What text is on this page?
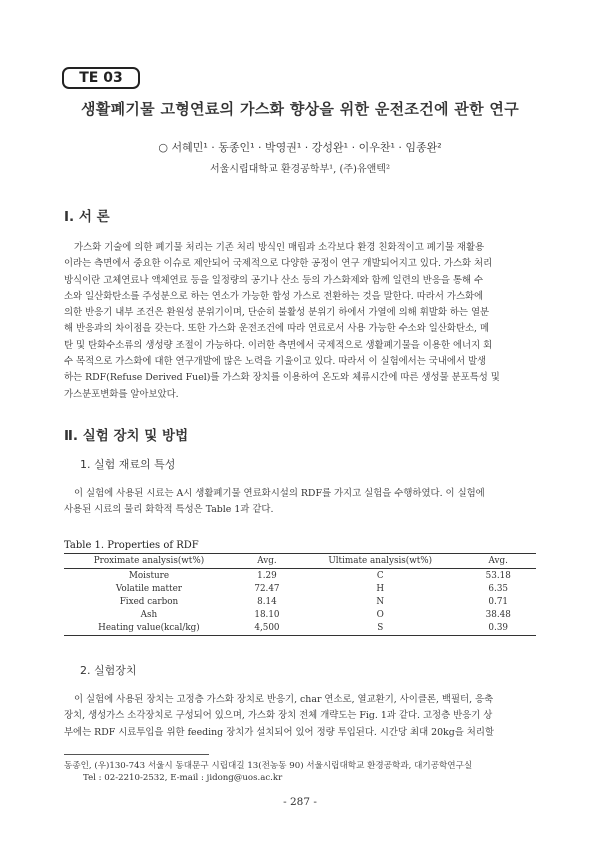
TE 03
생활폐기물 고형연료의 가스화 향상을 위한 운전조건에 관한 연구
○ 서혜민¹ · 동종인¹ · 박영권¹ · 강성완¹ · 이우찬¹ · 임종완²
서울시립대학교 환경공학부¹, (주)유앤텍²
Ⅰ. 서 론

가스화 기술에 의한 폐기물 처리는 기존 처리 방식인 매립과 소각보다 환경 친화적이고 폐기물 재활용

이라는 측면에서 중요한 이슈로 제안되어 국제적으로 다양한 공정이 연구 개발되어지고 있다. 가스화 처리

방식이란 고체연료나 액체연료 등을 일정량의 공기나 산소 등의 가스화제와 함께 일련의 반응을 통해 수

소와 일산화탄소를 주성분으로 하는 연소가 가능한 합성 가스로 전환하는 것을 말한다. 따라서 가스화에

의한 반응기 내부 조건은 환원성 분위기이며, 단순히 불활성 분위기 하에서 가열에 의해 휘발화 하는 열분

해 반응과의 차이점을 갖는다. 또한 가스화 운전조건에 따라 연료로서 사용 가능한 수소와 일산화탄소, 메

탄 및 탄화수소류의 생성량 조절이 가능하다. 이러한 측면에서 국제적으로 생활폐기물을 이용한 에너지 회

수 목적으로 가스화에 대한 연구개발에 많은 노력을 기울이고 있다. 따라서 이 실험에서는 국내에서 발생

하는 RDF(Refuse Derived Fuel)를 가스화 장치를 이용하여 온도와 체류시간에 따른 생성물 분포특성 및

가스분포변화를 알아보았다.

Ⅱ. 실험 장치 및 방법
1. 실험 재료의 특성

이 실험에 사용된 시료는 A시 생활폐기물 연료화시설의 RDF를 가지고 실험을 수행하였다. 이 실험에

사용된 시료의 물리 화학적 특성은 Table 1과 같다.

Table 1. Properties of RDF
Proximate analysis(wt%)	Avg.	Ultimate analysis(wt%)	Avg.
Moisture	1.29	C	53.18
Volatile matter	72.47	H	6.35
Fixed carbon	8.14	N	0.71
Ash	18.10	O	38.48
Heating value(kcal/kg)	4,500	S	0.39
2. 실험장치

이 실험에 사용된 장치는 고정층 가스화 장치로 반응기, char 연소로, 열교환기, 사이클론, 백필터, 응축

장치, 생성가스 소각장치로 구성되어 있으며, 가스화 장치 전체 개략도는 Fig. 1과 같다. 고정층 반응기 상

부에는 RDF 시료투입을 위한 feeding 장치가 설치되어 있어 정량 투입된다. 시간당 최대 20kg을 처리할

동종인, (우)130-743 서울시 동대문구 시립대길 13(전농동 90) 서울시립대학교 환경공학과, 대기공학연구실
Tel : 02-2210-2532, E-mail : jidong@uos.ac.kr
- 287 -
